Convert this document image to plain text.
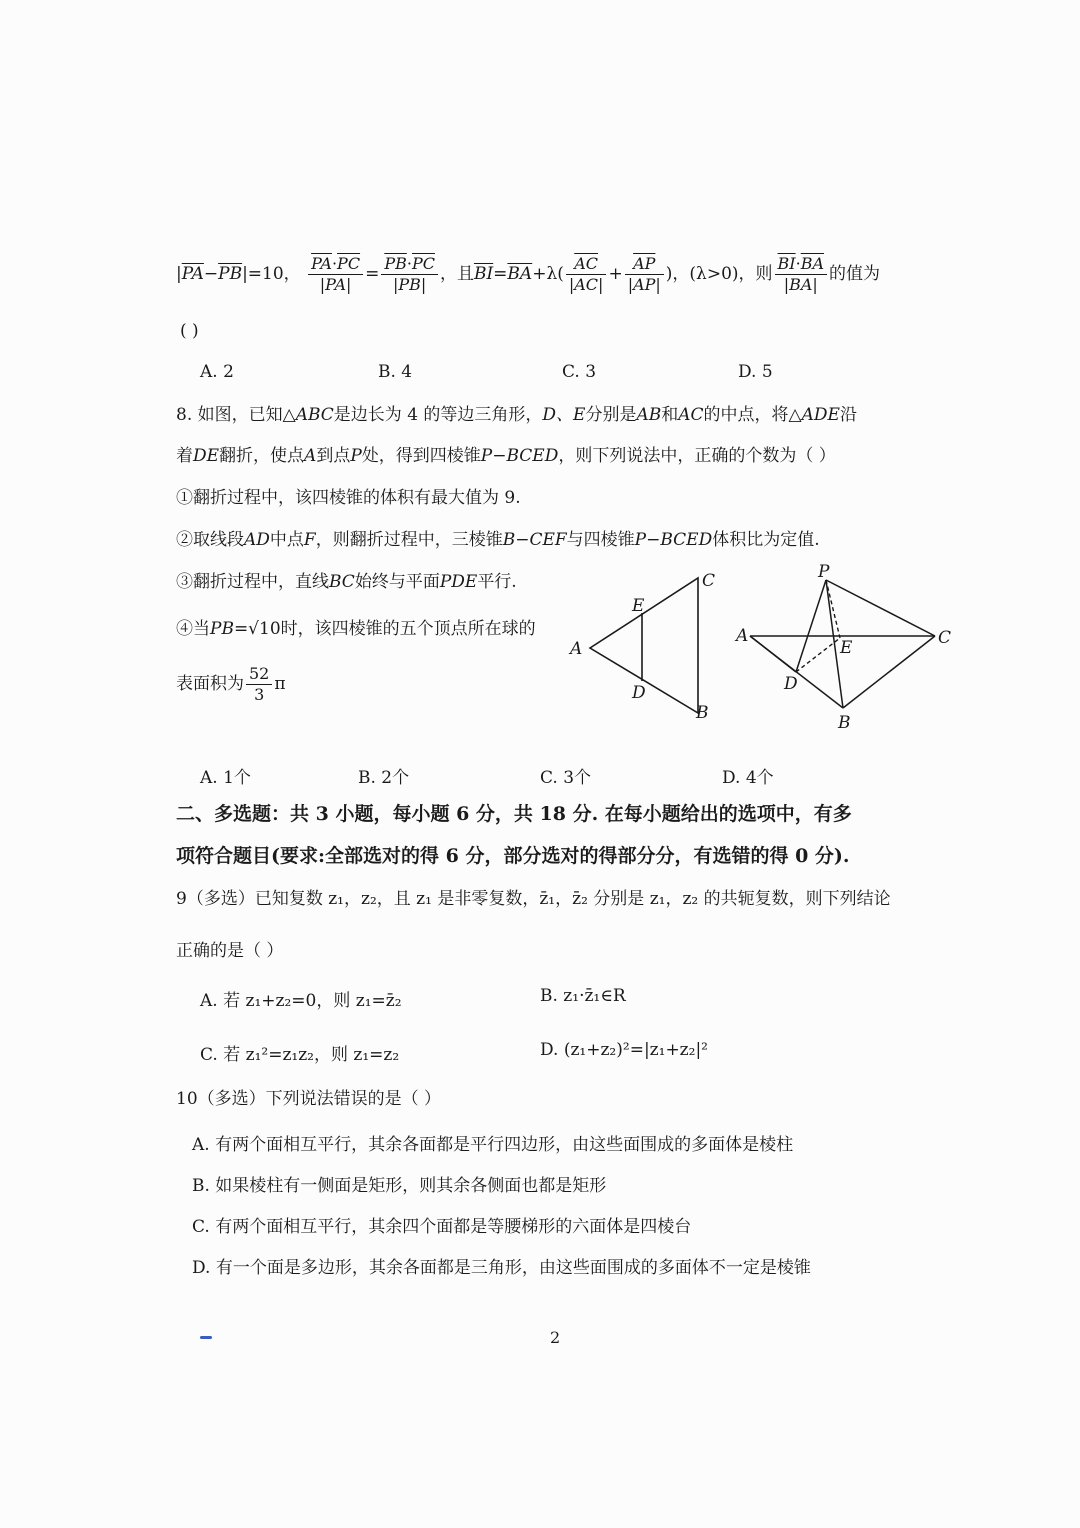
$|\overline{PA}-\overline{PB}|=10$， $\frac{\overline{PA}\cdot\overline{PC}}{|PA|} = \frac{\overline{PB}\cdot\overline{PC}}{|PB|}$ ，且$\overline{BI}=\overline{BA}+\lambda( \frac{\overline{AC}}{|AC|} + \frac{\overline{AP}}{|AP|}$ )，(λ>0)，则 $\frac{\overline{BI}\cdot\overline{BA}}{|BA|}$ 的值为
( )
A. 2	B. 4	C. 3	D. 5
8. 如图，已知△ABC是边长为 4 的等边三角形，D、E分别是AB和AC的中点，将△ADE沿
着DE翻折，使点A到点P处，得到四棱锥P−BCED，则下列说法中，正确的个数为（ ）
①翻折过程中，该四棱锥的体积有最大值为 9.
②取线段AD中点F，则翻折过程中，三棱锥B−CEF与四棱锥P−BCED体积比为定值.
③翻折过程中，直线BC始终与平面PDE平行.
④当PB=√10时，该四棱锥的五个顶点所在球的
表面积为 $\frac{52}{3}$ π
C
E
A
D
B
P
A
E	C
D
B
A. 1个	B. 2个	C. 3个	D. 4个
二、多选题：共 3 小题，每小题 6 分，共 18 分. 在每小题给出的选项中，有多
项符合题目(要求:全部选对的得 6 分，部分选对的得部分分，有选错的得 0 分).
9（多选）已知复数 z₁，z₂，且 z₁ 是非零复数，z̄₁，z̄₂ 分别是 z₁，z₂ 的共轭复数，则下列结论
正确的是（ ）
A. 若 z₁+z₂=0，则 z₁=z̄₂	B. z₁·z̄₁∈R
C. 若 z₁²=z₁z₂，则 z₁=z₂	D. (z₁+z₂)²=|z₁+z₂|²
10（多选）下列说法错误的是（ ）
A. 有两个面相互平行，其余各面都是平行四边形，由这些面围成的多面体是棱柱
B. 如果棱柱有一侧面是矩形，则其余各侧面也都是矩形
C. 有两个面相互平行，其余四个面都是等腰梯形的六面体是四棱台
D. 有一个面是多边形，其余各面都是三角形，由这些面围成的多面体不一定是棱锥
2
